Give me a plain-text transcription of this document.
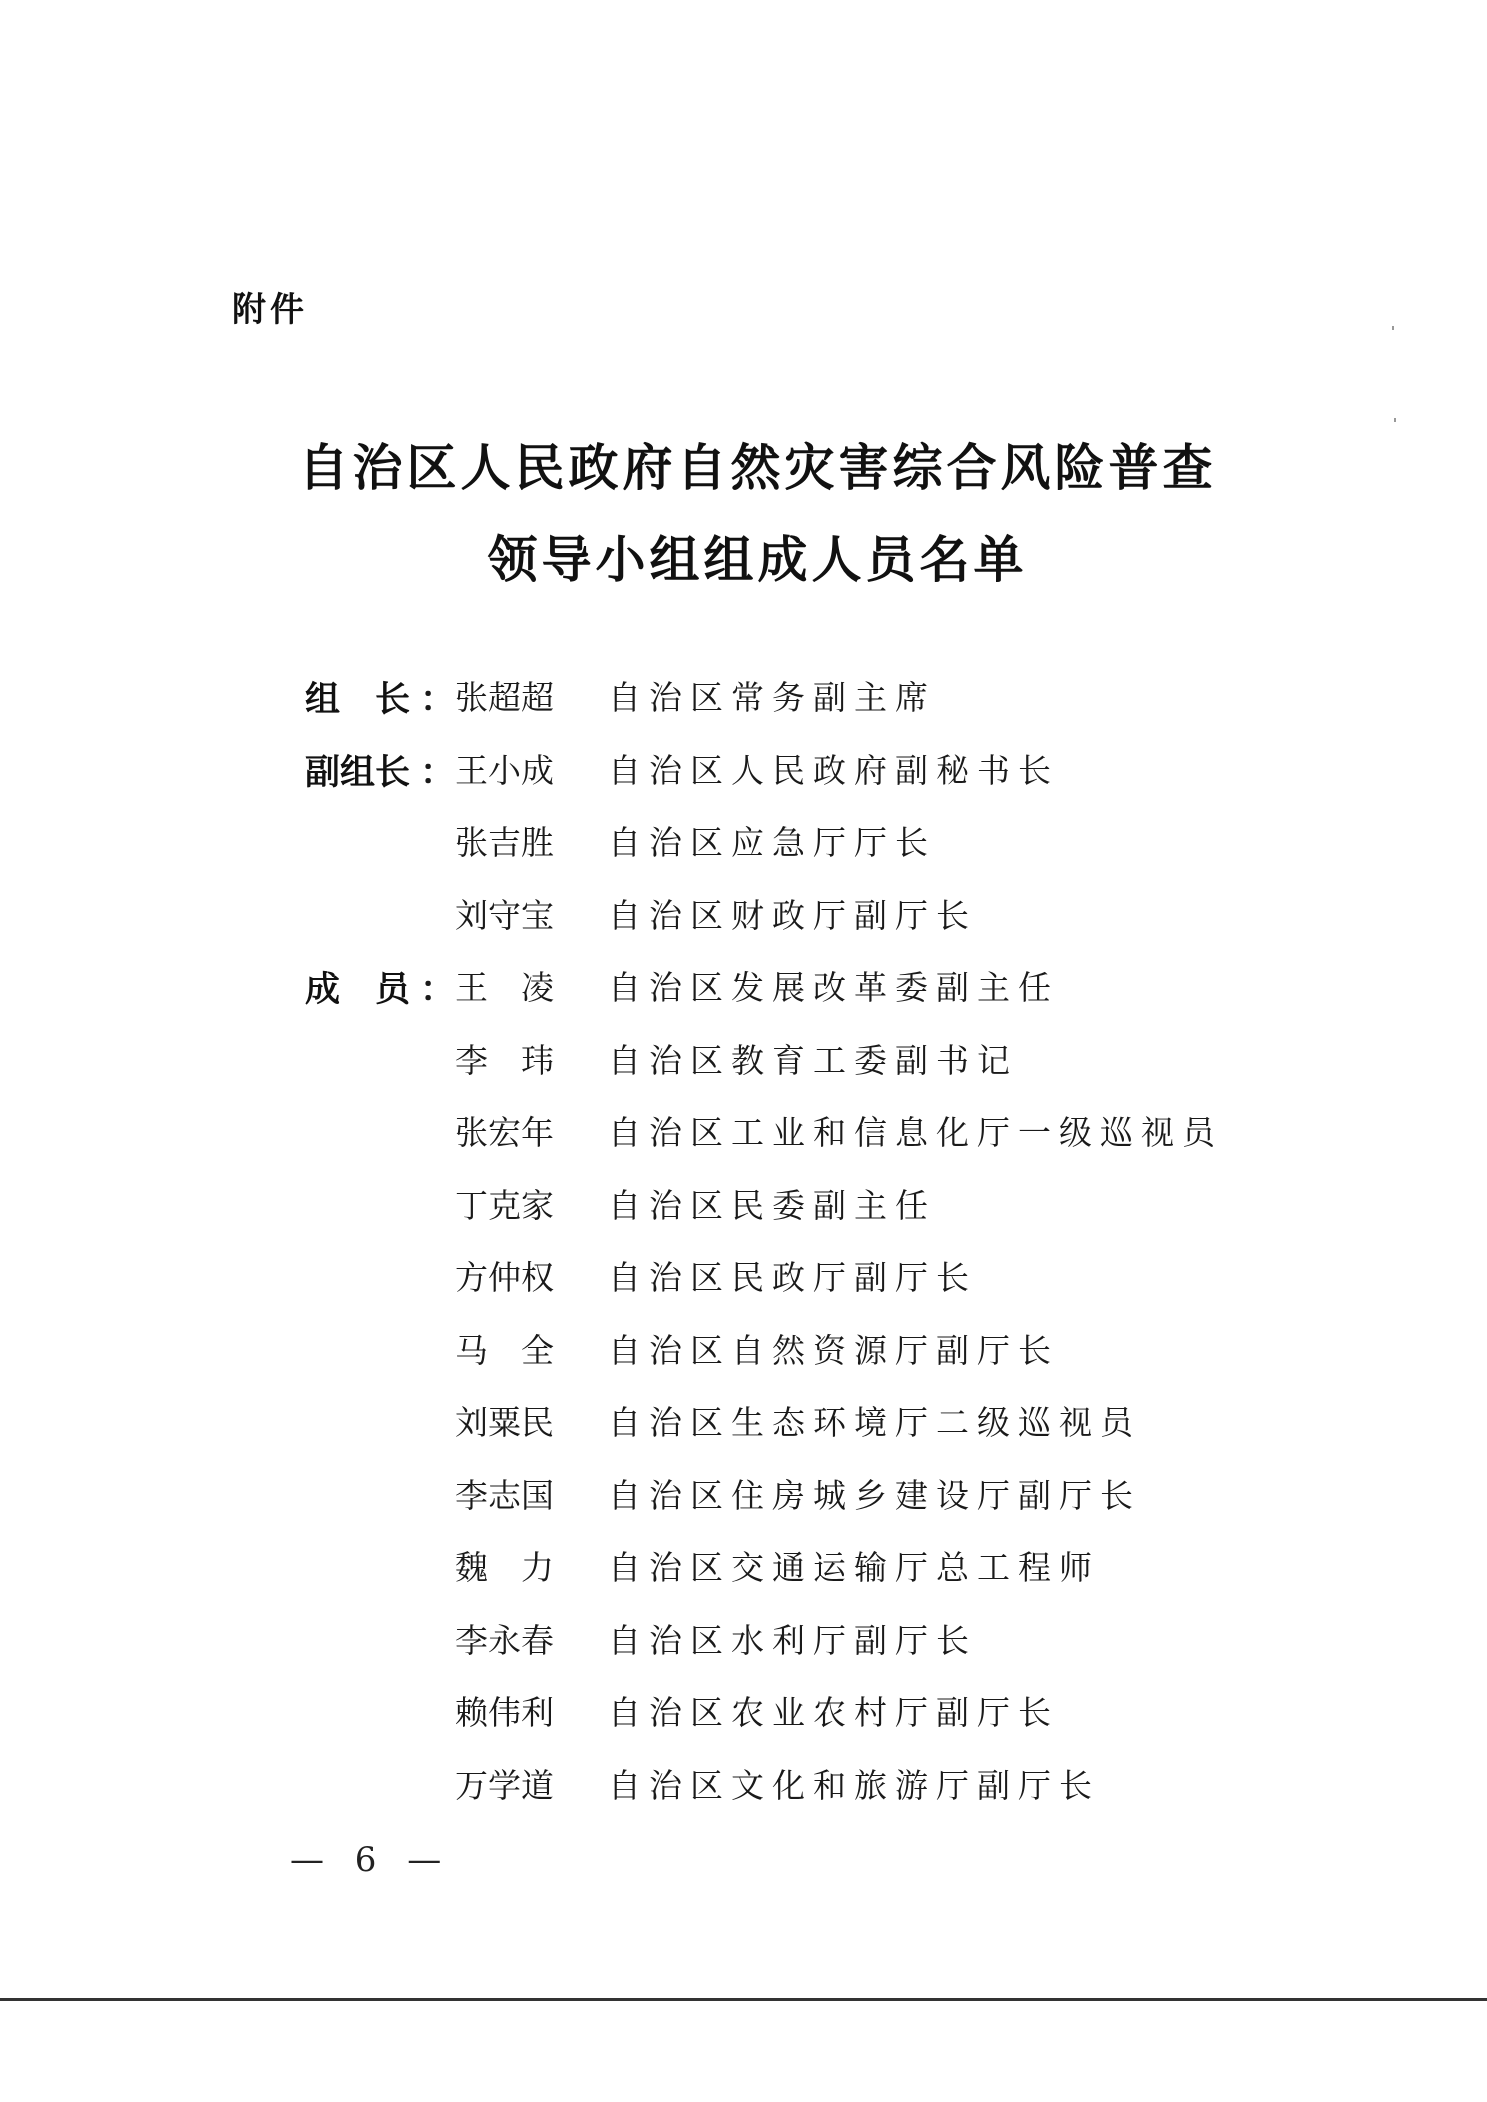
附件
自治区人民政府自然灾害综合风险普查
领导小组组成人员名单
组　长 ： 张超超 自治区常务副主席
副组长 ： 王小成 自治区人民政府副秘书长
张吉胜 自治区应急厅厅长
刘守宝 自治区财政厅副厅长
成　员 ： 王　凌 自治区发展改革委副主任
李　玮 自治区教育工委副书记
张宏年 自治区工业和信息化厅一级巡视员
丁克家 自治区民委副主任
方仲权 自治区民政厅副厅长
马　全 自治区自然资源厅副厅长
刘粟民 自治区生态环境厅二级巡视员
李志国 自治区住房城乡建设厅副厅长
魏　力 自治区交通运输厅总工程师
李永春 自治区水利厅副厅长
赖伟利 自治区农业农村厅副厅长
万学道 自治区文化和旅游厅副厅长
— 6 —
